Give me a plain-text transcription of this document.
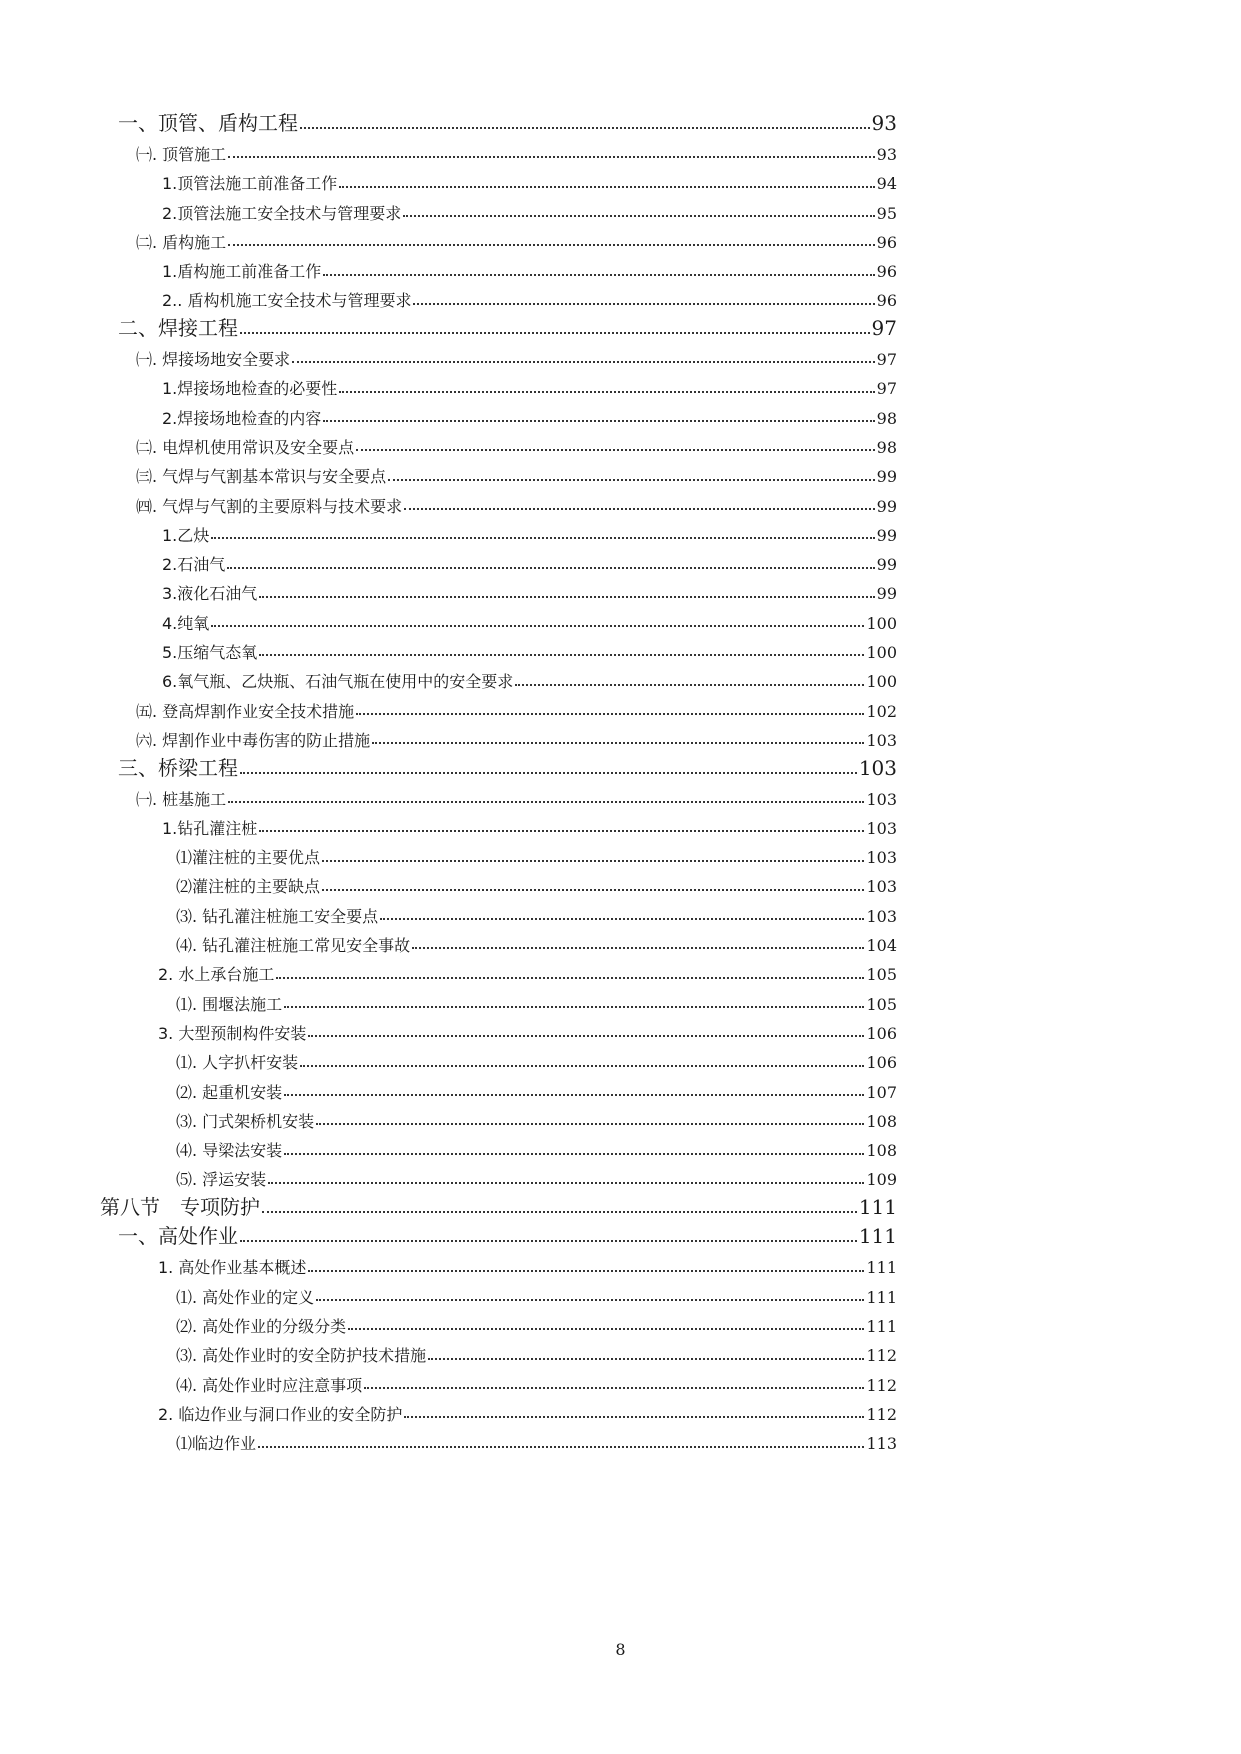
一、顶管、盾构工程	93
㈠. 顶管施工	93
1.顶管法施工前准备工作	94
2.顶管法施工安全技术与管理要求	95
㈡. 盾构施工	96
1.盾构施工前准备工作	96
2.. 盾构机施工安全技术与管理要求	96
二、焊接工程	97
㈠. 焊接场地安全要求	97
1.焊接场地检查的必要性	97
2.焊接场地检查的内容	98
㈡. 电焊机使用常识及安全要点	98
㈢. 气焊与气割基本常识与安全要点	99
㈣. 气焊与气割的主要原料与技术要求	99
1.乙炔	99
2.石油气	99
3.液化石油气	99
4.纯氧	100
5.压缩气态氧	100
6.氧气瓶、乙炔瓶、石油气瓶在使用中的安全要求	100
㈤. 登高焊割作业安全技术措施	102
㈥. 焊割作业中毒伤害的防止措施	103
三、桥梁工程	103
㈠. 桩基施工	103
1.钻孔灌注桩	103
⑴灌注桩的主要优点	103
⑵灌注桩的主要缺点	103
⑶. 钻孔灌注桩施工安全要点	103
⑷. 钻孔灌注桩施工常见安全事故	104
2. 水上承台施工	105
⑴. 围堰法施工	105
3. 大型预制构件安装	106
⑴. 人字扒杆安装	106
⑵. 起重机安装	107
⑶. 门式架桥机安装	108
⑷. 导梁法安装	108
⑸. 浮运安装	109
第八节　专项防护	111
一、高处作业	111
1. 高处作业基本概述	111
⑴. 高处作业的定义	111
⑵. 高处作业的分级分类	111
⑶. 高处作业时的安全防护技术措施	112
⑷. 高处作业时应注意事项	112
2. 临边作业与洞口作业的安全防护	112
⑴临边作业	113
8
